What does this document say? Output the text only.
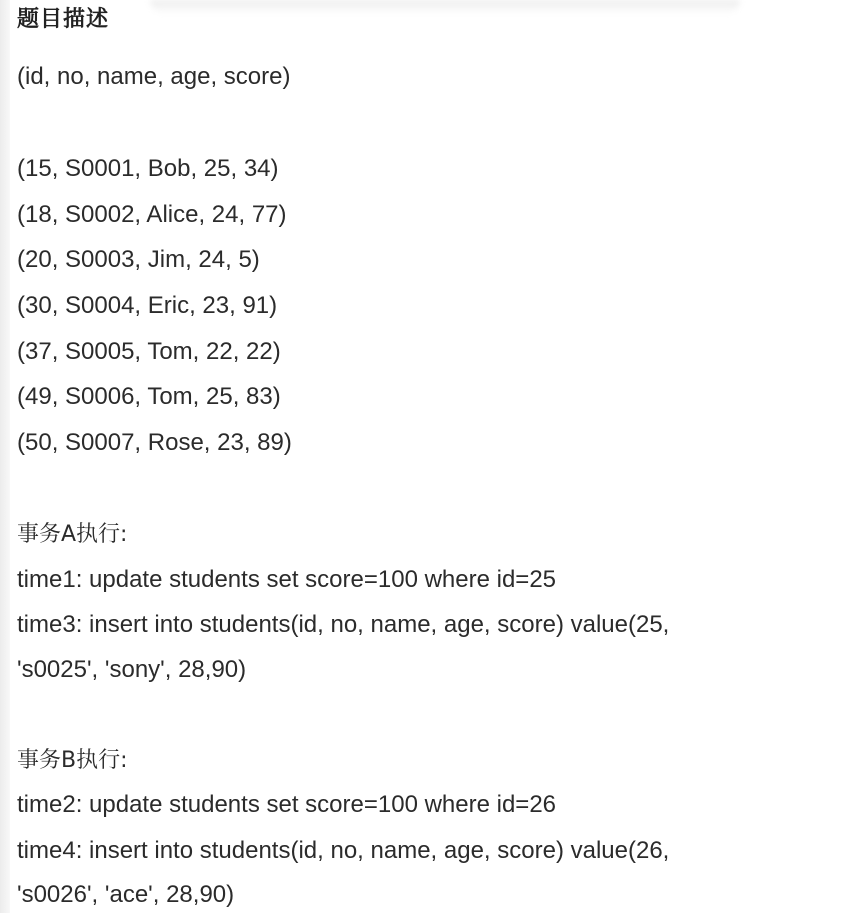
题目描述
(id, no, name, age, score)
(15, S0001, Bob, 25, 34)
(18, S0002, Alice, 24, 77)
(20, S0003, Jim, 24, 5)
(30, S0004, Eric, 23, 91)
(37, S0005, Tom, 22, 22)
(49, S0006, Tom, 25, 83)
(50, S0007, Rose, 23, 89)
事务A执行:
time1: update students set score=100 where id=25
time3: insert into students(id, no, name, age, score) value(25,
's0025', 'sony', 28,90)
事务B执行:
time2: update students set score=100 where id=26
time4: insert into students(id, no, name, age, score) value(26,
's0026', 'ace', 28,90)
